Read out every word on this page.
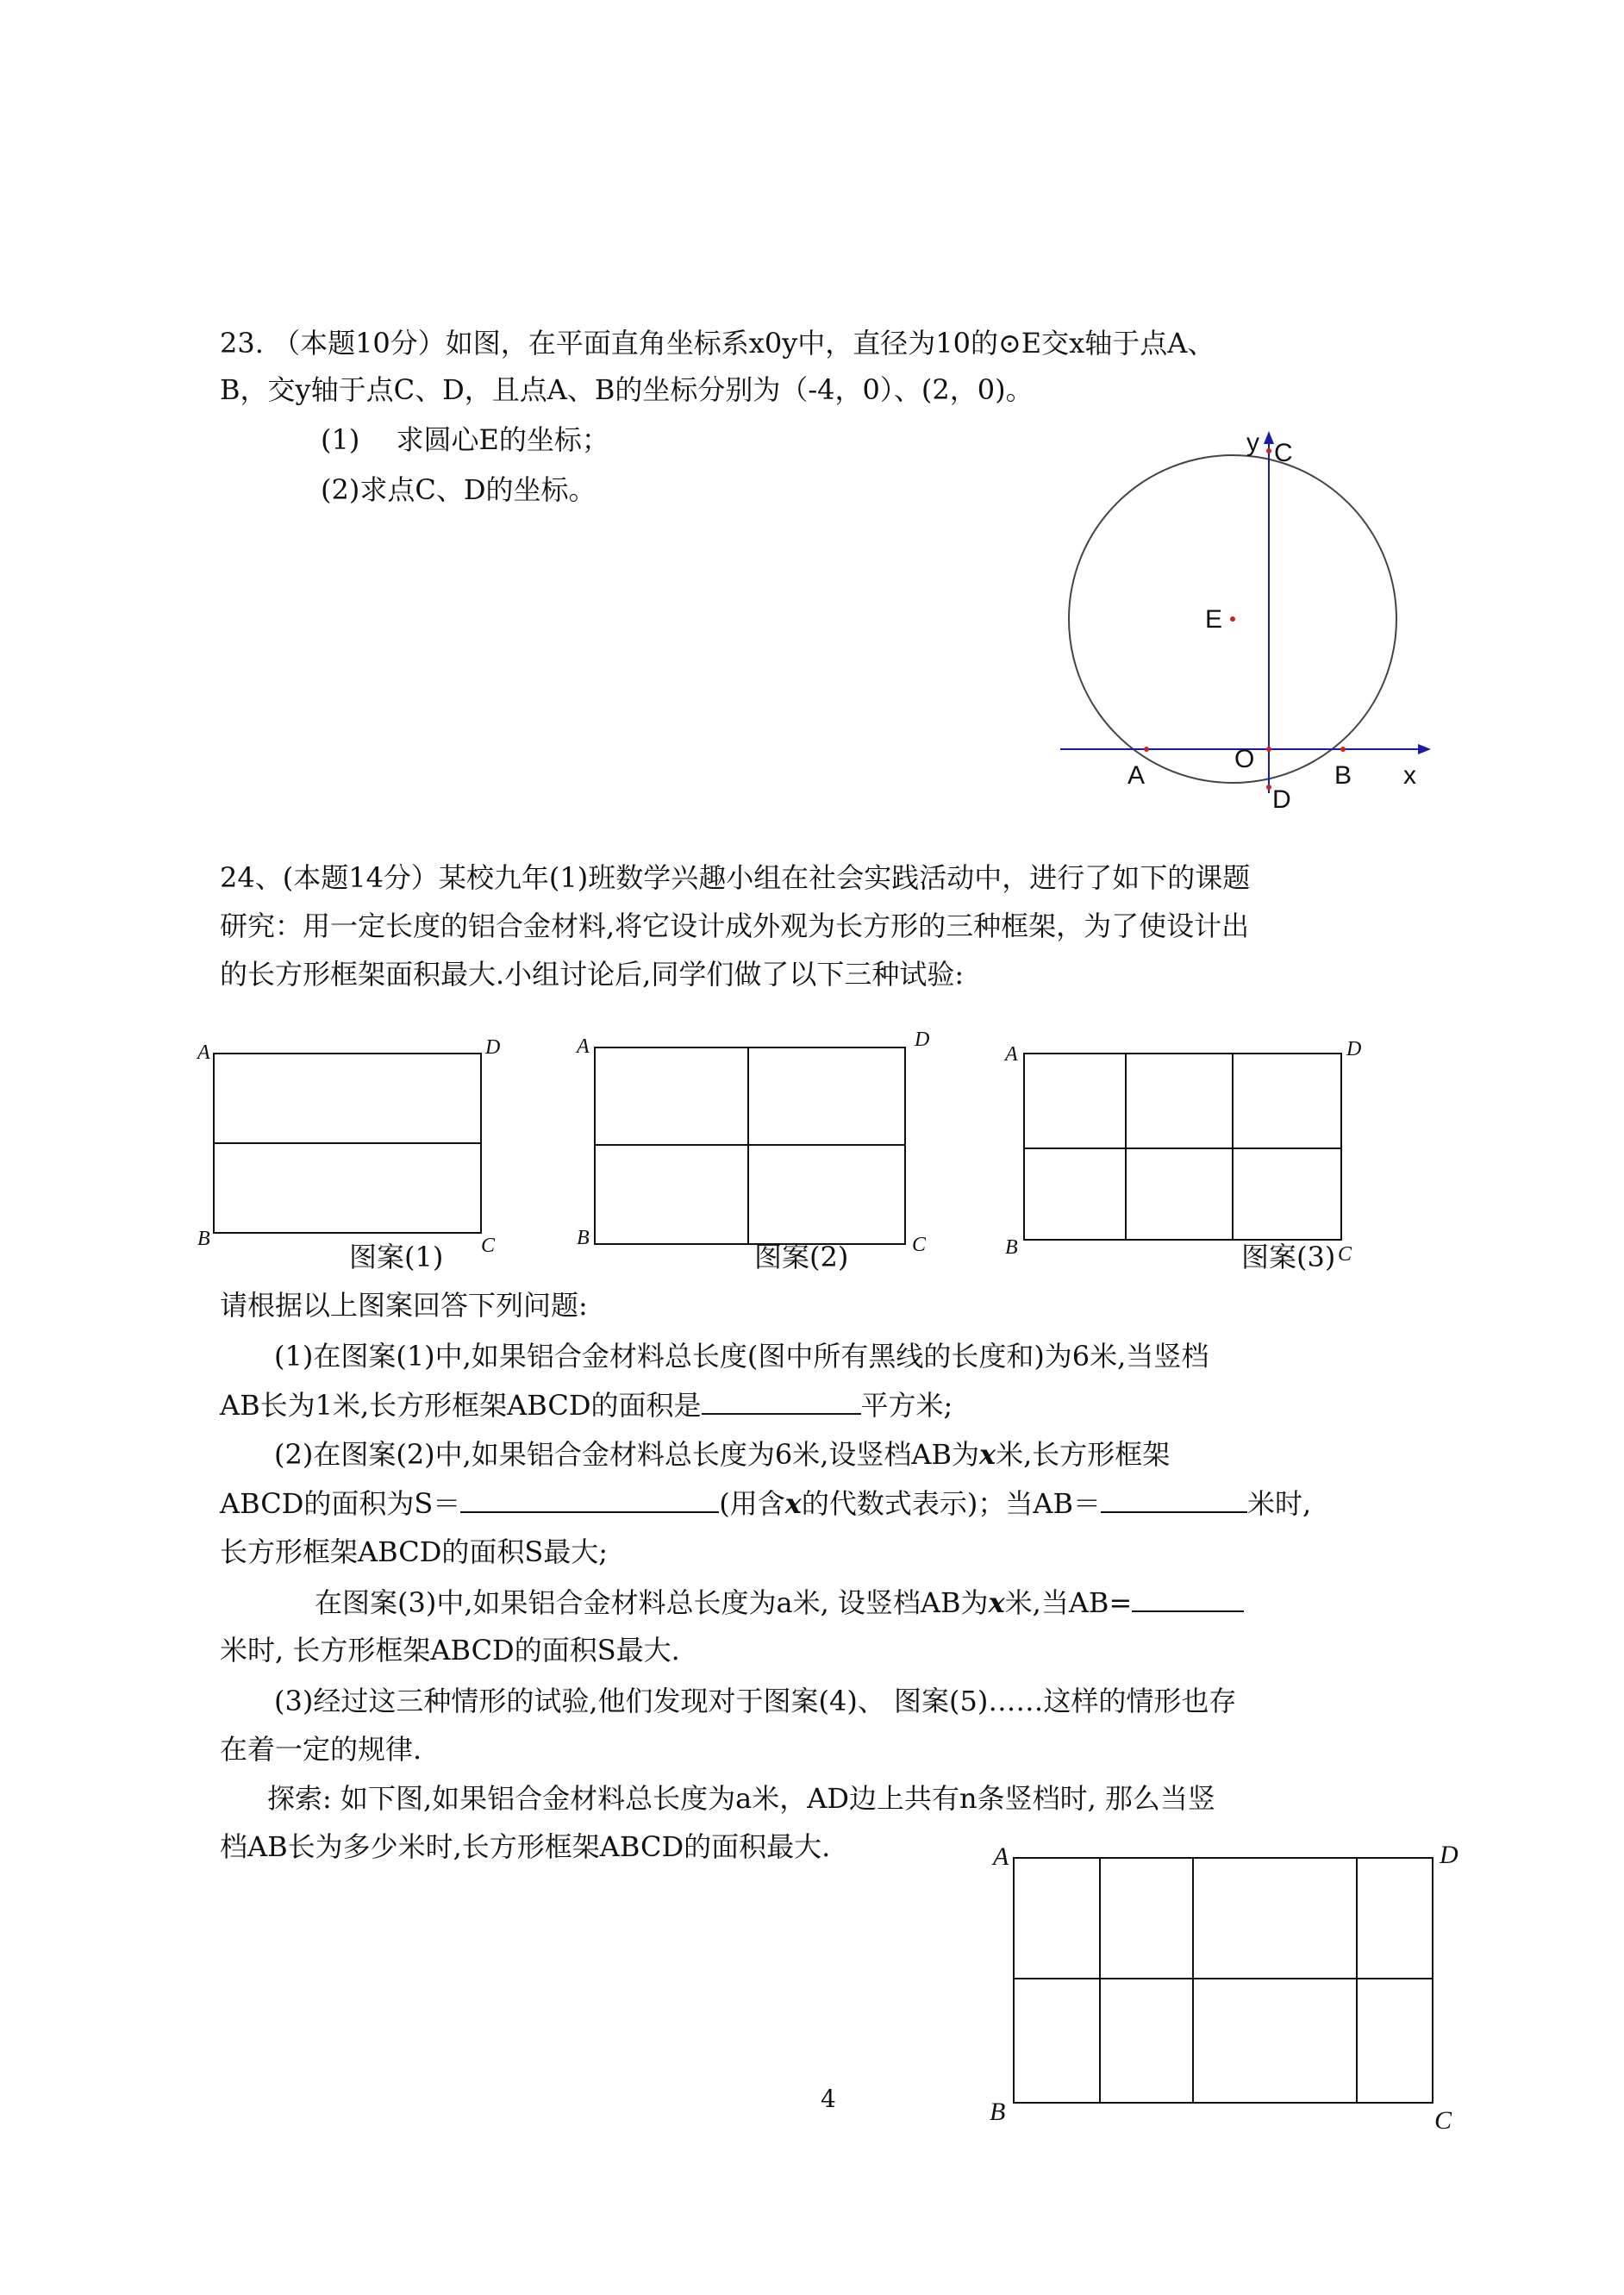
23. （本题10分）如图，在平面直角坐标系x0y中，直径为10的⊙E交x轴于点A、
B，交y轴于点C、D，且点A、B的坐标分别为（-4，0）、(2，0)。
(1)　 求圆心E的坐标；
(2)求点C、D的坐标。
y C
E
A
O
B x
D
24、(本题14分）某校九年(1)班数学兴趣小组在社会实践活动中，进行了如下的课题
研究：用一定长度的铝合金材料,将它设计成外观为长方形的三种框架，为了使设计出
的长方形框架面积最大.小组讨论后,同学们做了以下三种试验:
A	D
B	C
图案(1)
A	D
B	C
图案(2)
A	D
B	C
图案(3)
请根据以上图案回答下列问题:
(1)在图案(1)中,如果铝合金材料总长度(图中所有黑线的长度和)为6米,当竖档
AB长为1米,长方形框架ABCD的面积是	平方米;
(2)在图案(2)中,如果铝合金材料总长度为6米,设竖档AB为x米,长方形框架
ABCD的面积为S＝	(用含x的代数式表示)；当AB＝	米时,
长方形框架ABCD的面积S最大;
在图案(3)中,如果铝合金材料总长度为a米, 设竖档AB为x米,当AB=
米时, 长方形框架ABCD的面积S最大.
(3)经过这三种情形的试验,他们发现对于图案(4)、 图案(5)……这样的情形也存
在着一定的规律.
探索: 如下图,如果铝合金材料总长度为a米，AD边上共有n条竖档时, 那么当竖
档AB长为多少米时,长方形框架ABCD的面积最大.	A	D
B	C
4
